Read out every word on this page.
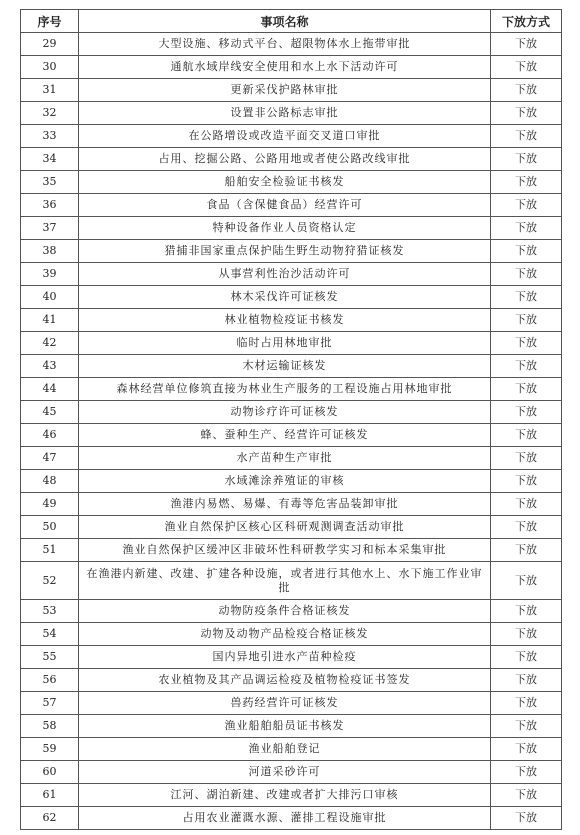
序号	事项名称	下放方式
29	大型设施、移动式平台、超限物体水上拖带审批	下放
30	通航水域岸线安全使用和水上水下活动许可	下放
31	更新采伐护路林审批	下放
32	设置非公路标志审批	下放
33	在公路增设或改造平面交叉道口审批	下放
34	占用、挖掘公路、公路用地或者使公路改线审批	下放
35	船舶安全检验证书核发	下放
36	食品（含保健食品）经营许可	下放
37	特种设备作业人员资格认定	下放
38	猎捕非国家重点保护陆生野生动物狩猎证核发	下放
39	从事营利性治沙活动许可	下放
40	林木采伐许可证核发	下放
41	林业植物检疫证书核发	下放
42	临时占用林地审批	下放
43	木材运输证核发	下放
44	森林经营单位修筑直接为林业生产服务的工程设施占用林地审批	下放
45	动物诊疗许可证核发	下放
46	蜂、蚕种生产、经营许可证核发	下放
47	水产苗种生产审批	下放
48	水域滩涂养殖证的审核	下放
49	渔港内易燃、易爆、有毒等危害品装卸审批	下放
50	渔业自然保护区核心区科研观测调查活动审批	下放
51	渔业自然保护区缓冲区非破坏性科研教学实习和标本采集审批	下放
52	在渔港内新建、改建、扩建各种设施，或者进行其他水上、水下施工作业审批	下放
53	动物防疫条件合格证核发	下放
54	动物及动物产品检疫合格证核发	下放
55	国内异地引进水产苗种检疫	下放
56	农业植物及其产品调运检疫及植物检疫证书签发	下放
57	兽药经营许可证核发	下放
58	渔业船舶船员证书核发	下放
59	渔业船舶登记	下放
60	河道采砂许可	下放
61	江河、湖泊新建、改建或者扩大排污口审核	下放
62	占用农业灌溉水源、灌排工程设施审批	下放
